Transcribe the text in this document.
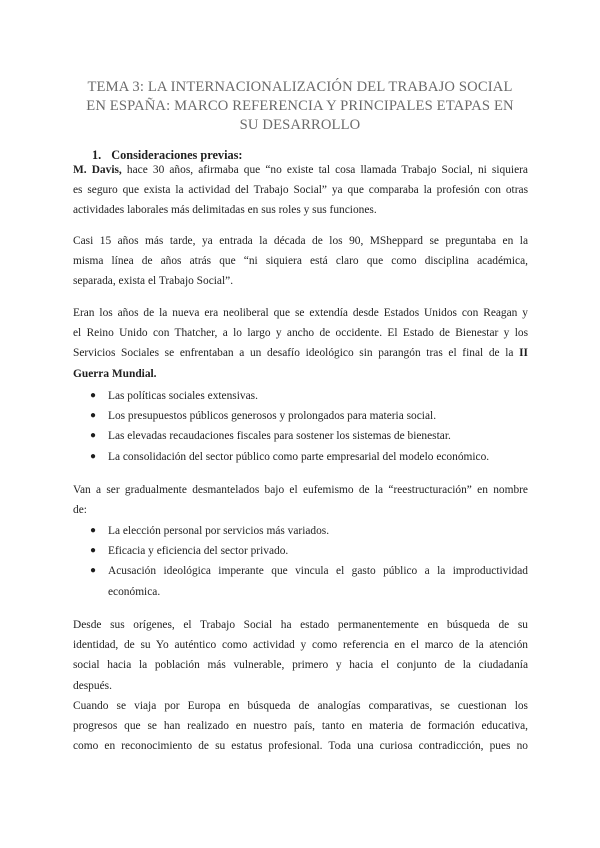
TEMA 3: LA INTERNACIONALIZACIÓN DEL TRABAJO SOCIAL
EN ESPAÑA: MARCO REFERENCIA Y PRINCIPALES ETAPAS EN
SU DESARROLLO
1. Consideraciones previas:
M. Davis, hace 30 años, afirmaba que “no existe tal cosa llamada Trabajo Social, ni siquiera
es seguro que exista la actividad del Trabajo Social” ya que comparaba la profesión con otras
actividades laborales más delimitadas en sus roles y sus funciones.
Casi 15 años más tarde, ya entrada la década de los 90, MSheppard se preguntaba en la
misma línea de años atrás que “ni siquiera está claro que como disciplina académica,
separada, exista el Trabajo Social”.
Eran los años de la nueva era neoliberal que se extendía desde Estados Unidos con Reagan y
el Reino Unido con Thatcher, a lo largo y ancho de occidente. El Estado de Bienestar y los
Servicios Sociales se enfrentaban a un desafío ideológico sin parangón tras el final de la II
Guerra Mundial.
● Las políticas sociales extensivas.
● Los presupuestos públicos generosos y prolongados para materia social.
● Las elevadas recaudaciones fiscales para sostener los sistemas de bienestar.
● La consolidación del sector público como parte empresarial del modelo económico.
Van a ser gradualmente desmantelados bajo el eufemismo de la “reestructuración” en nombre
de:
● La elección personal por servicios más variados.
● Eficacia y eficiencia del sector privado.
● Acusación ideológica imperante que vincula el gasto público a la improductividad
económica.
Desde sus orígenes, el Trabajo Social ha estado permanentemente en búsqueda de su
identidad, de su Yo auténtico como actividad y como referencia en el marco de la atención
social hacia la población más vulnerable, primero y hacia el conjunto de la ciudadanía
después.
Cuando se viaja por Europa en búsqueda de analogías comparativas, se cuestionan los
progresos que se han realizado en nuestro país, tanto en materia de formación educativa,
como en reconocimiento de su estatus profesional. Toda una curiosa contradicción, pues no
